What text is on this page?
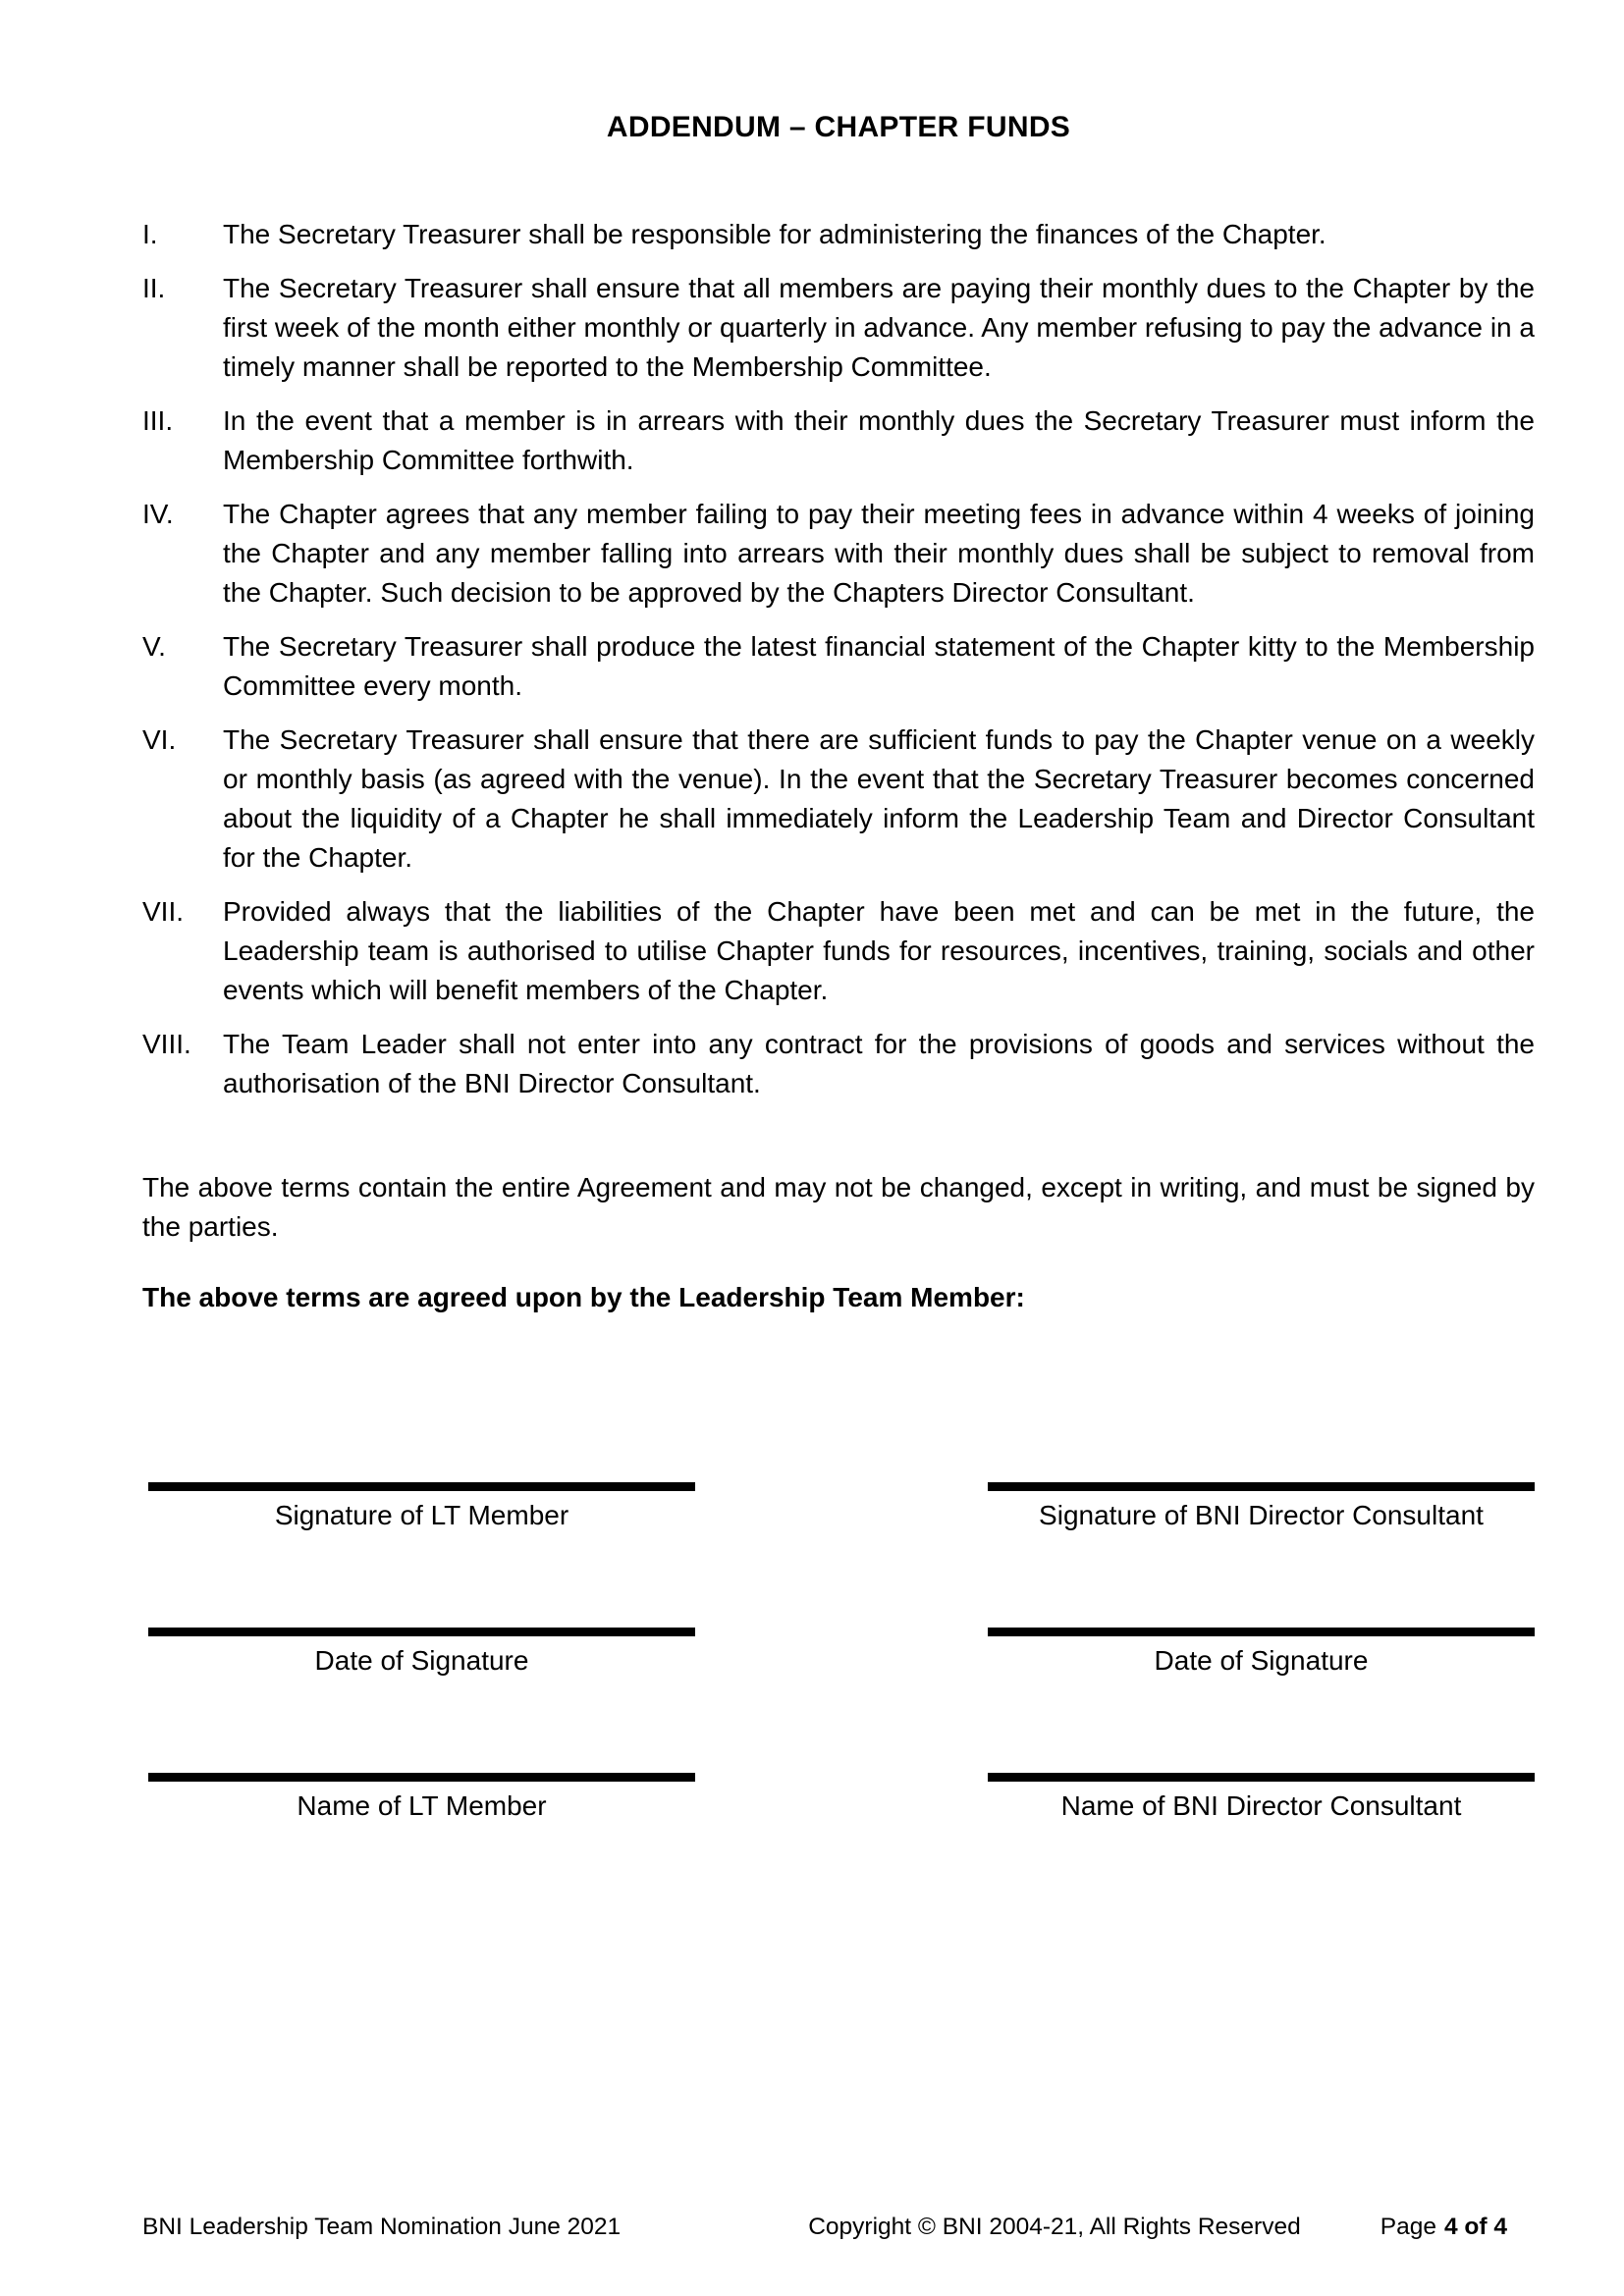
ADDENDUM – CHAPTER FUNDS
I.	The Secretary Treasurer shall be responsible for administering the finances of the Chapter.
II.	The Secretary Treasurer shall ensure that all members are paying their monthly dues to the Chapter by the first week of the month either monthly or quarterly in advance. Any member refusing to pay the advance in a timely manner shall be reported to the Membership Committee.
III.	In the event that a member is in arrears with their monthly dues the Secretary Treasurer must inform the Membership Committee forthwith.
IV.	The Chapter agrees that any member failing to pay their meeting fees in advance within 4 weeks of joining the Chapter and any member falling into arrears with their monthly dues shall be subject to removal from the Chapter. Such decision to be approved by the Chapters Director Consultant.
V.	The Secretary Treasurer shall produce the latest financial statement of the Chapter kitty to the Membership Committee every month.
VI.	The Secretary Treasurer shall ensure that there are sufficient funds to pay the Chapter venue on a weekly or monthly basis (as agreed with the venue). In the event that the Secretary Treasurer becomes concerned about the liquidity of a Chapter he shall immediately inform the Leadership Team and Director Consultant for the Chapter.
VII.	Provided always that the liabilities of the Chapter have been met and can be met in the future, the Leadership team is authorised to utilise Chapter funds for resources, incentives, training, socials and other events which will benefit members of the Chapter.
VIII.	The Team Leader shall not enter into any contract for the provisions of goods and services without the authorisation of the BNI Director Consultant.
The above terms contain the entire Agreement and may not be changed, except in writing, and must be signed by the parties.
The above terms are agreed upon by the Leadership Team Member:
Signature of LT Member
Date of Signature
Name of LT Member
Signature of BNI Director Consultant
Date of Signature
Name of BNI Director Consultant
BNI Leadership Team Nomination June 2021	Copyright © BNI 2004-21, All Rights Reserved	Page 4 of 4
